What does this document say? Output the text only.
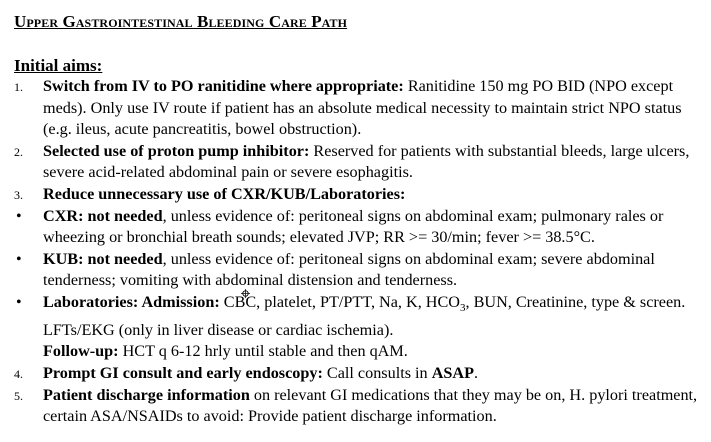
Upper Gastrointestinal Bleeding Care Path
Initial aims:
1. Switch from IV to PO ranitidine where appropriate: Ranitidine 150 mg PO BID (NPO except meds). Only use IV route if patient has an absolute medical necessity to maintain strict NPO status (e.g. ileus, acute pancreatitis, bowel obstruction).
2. Selected use of proton pump inhibitor: Reserved for patients with substantial bleeds, large ulcers, severe acid-related abdominal pain or severe esophagitis.
3. Reduce unnecessary use of CXR/KUB/Laboratories:
• CXR: not needed, unless evidence of: peritoneal signs on abdominal exam; pulmonary rales or wheezing or bronchial breath sounds; elevated JVP; RR >= 30/min; fever >= 38.5°C.
• KUB: not needed, unless evidence of: peritoneal signs on abdominal exam; severe abdominal tenderness; vomiting with abdominal distension and tenderness.
• Laboratories: Admission: CBC, platelet, PT/PTT, Na, K, $HCO_3$, BUN, Creatinine, type & screen. LFTs/EKG (only in liver disease or cardiac ischemia).
Follow-up: HCT q 6-12 hrly until stable and then qAM.
4. Prompt GI consult and early endoscopy: Call consults in ASAP.
5. Patient discharge information on relevant GI medications that they may be on, H. pylori treatment, certain ASA/NSAIDs to avoid: Provide patient discharge information.
